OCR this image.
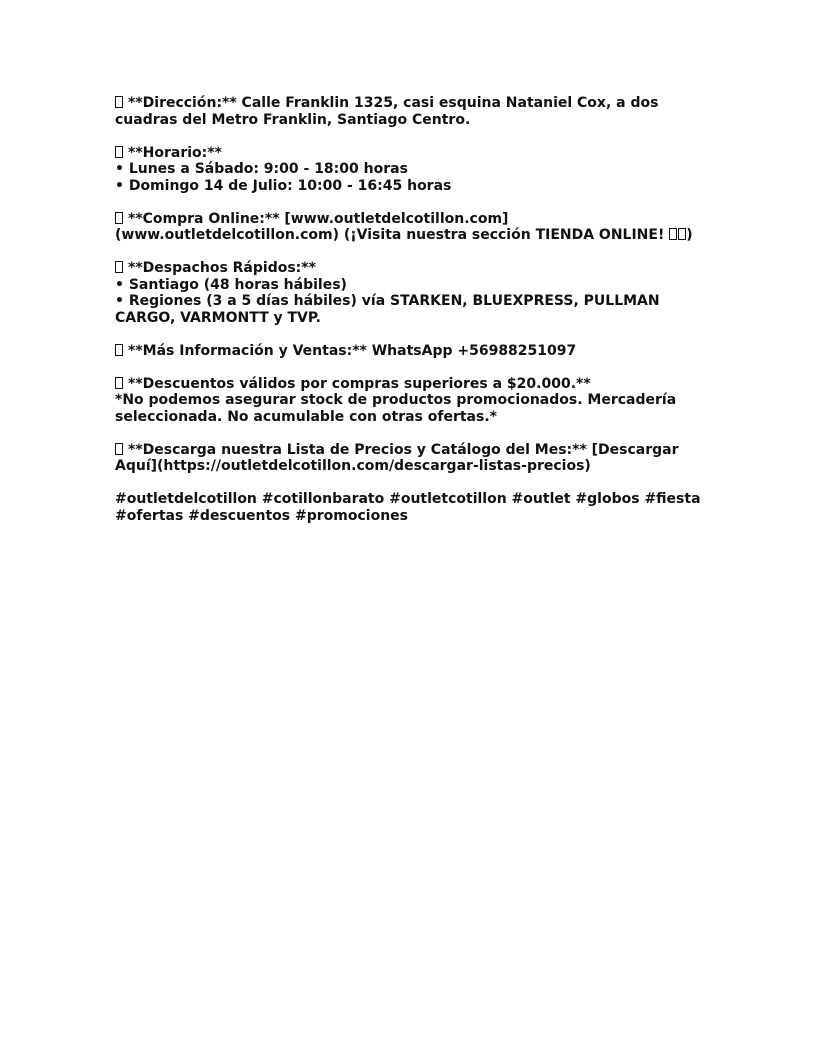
**Dirección:** Calle Franklin 1325, casi esquina Nataniel Cox, a dos
cuadras del Metro Franklin, Santiago Centro.
**Horario:**
• Lunes a Sábado: 9:00 - 18:00 horas
• Domingo 14 de Julio: 10:00 - 16:45 horas
**Compra Online:** [www.outletdelcotillon.com]
(www.outletdelcotillon.com) (¡Visita nuestra sección TIENDA ONLINE! )
**Despachos Rápidos:**
• Santiago (48 horas hábiles)
• Regiones (3 a 5 días hábiles) vía STARKEN, BLUEXPRESS, PULLMAN
CARGO, VARMONTT y TVP.
**Más Información y Ventas:** WhatsApp +56988251097
**Descuentos válidos por compras superiores a $20.000.**
*No podemos asegurar stock de productos promocionados. Mercadería
seleccionada. No acumulable con otras ofertas.*
**Descarga nuestra Lista de Precios y Catálogo del Mes:** [Descargar
Aquí](https://outletdelcotillon.com/descargar-listas-precios)
#outletdelcotillon #cotillonbarato #outletcotillon #outlet #globos #fiesta
#ofertas #descuentos #promociones
